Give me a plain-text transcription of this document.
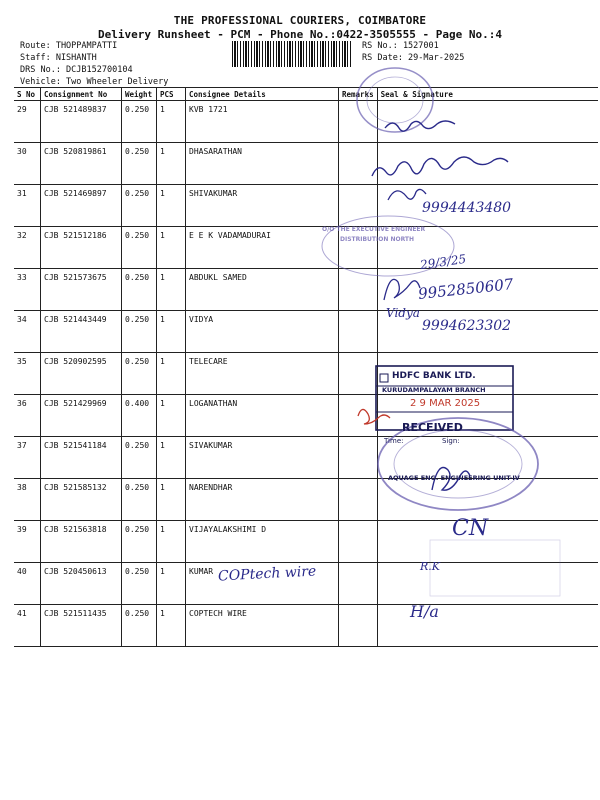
THE PROFESSIONAL COURIERS, COIMBATORE
Delivery Runsheet - PCM - Phone No.:0422-3505555 - Page No.:4
Route: THOPPAMPATTI
Staff: NISHANTH
DRS No.: DCJB152700104
Vehicle: Two Wheeler Delivery
RS No.: 1527001
RS Date: 29-Mar-2025
S No	Consignment No	Weight	PCS	Consignee Details	Remarks	Seal & Signature
29	CJB 521489837	0.250	1	KVB 1721		
30	CJB 520819861	0.250	1	DHASARATHAN		
31	CJB 521469897	0.250	1	SHIVAKUMAR		
32	CJB 521512186	0.250	1	E E K VADAMADURAI		
33	CJB 521573675	0.250	1	ABDUKL SAMED		
34	CJB 521443449	0.250	1	VIDYA		
35	CJB 520902595	0.250	1	TELECARE		
36	CJB 521429969	0.400	1	LOGANATHAN		
37	CJB 521541184	0.250	1	SIVAKUMAR		
38	CJB 521585132	0.250	1	NARENDHAR		
39	CJB 521563818	0.250	1	VIJAYALAKSHIMI D		
40	CJB 520450613	0.250	1	KUMAR		
41	CJB 521511435	0.250	1	COPTECH WIRE		
9994443480
29/3/25
9952850607
Vidya
9994623302
COPtech wire
CN
R.K
H/a
O/O THE EXECUTIVE ENGINEER
DISTRIBUTION NORTH
HDFC BANK LTD.
KURUDAMPALAYAM BRANCH
2 9 MAR 2025
RECEIVED
Time:	Sign:
AQUAGE ENG. ENGINEERING UNIT-IV
